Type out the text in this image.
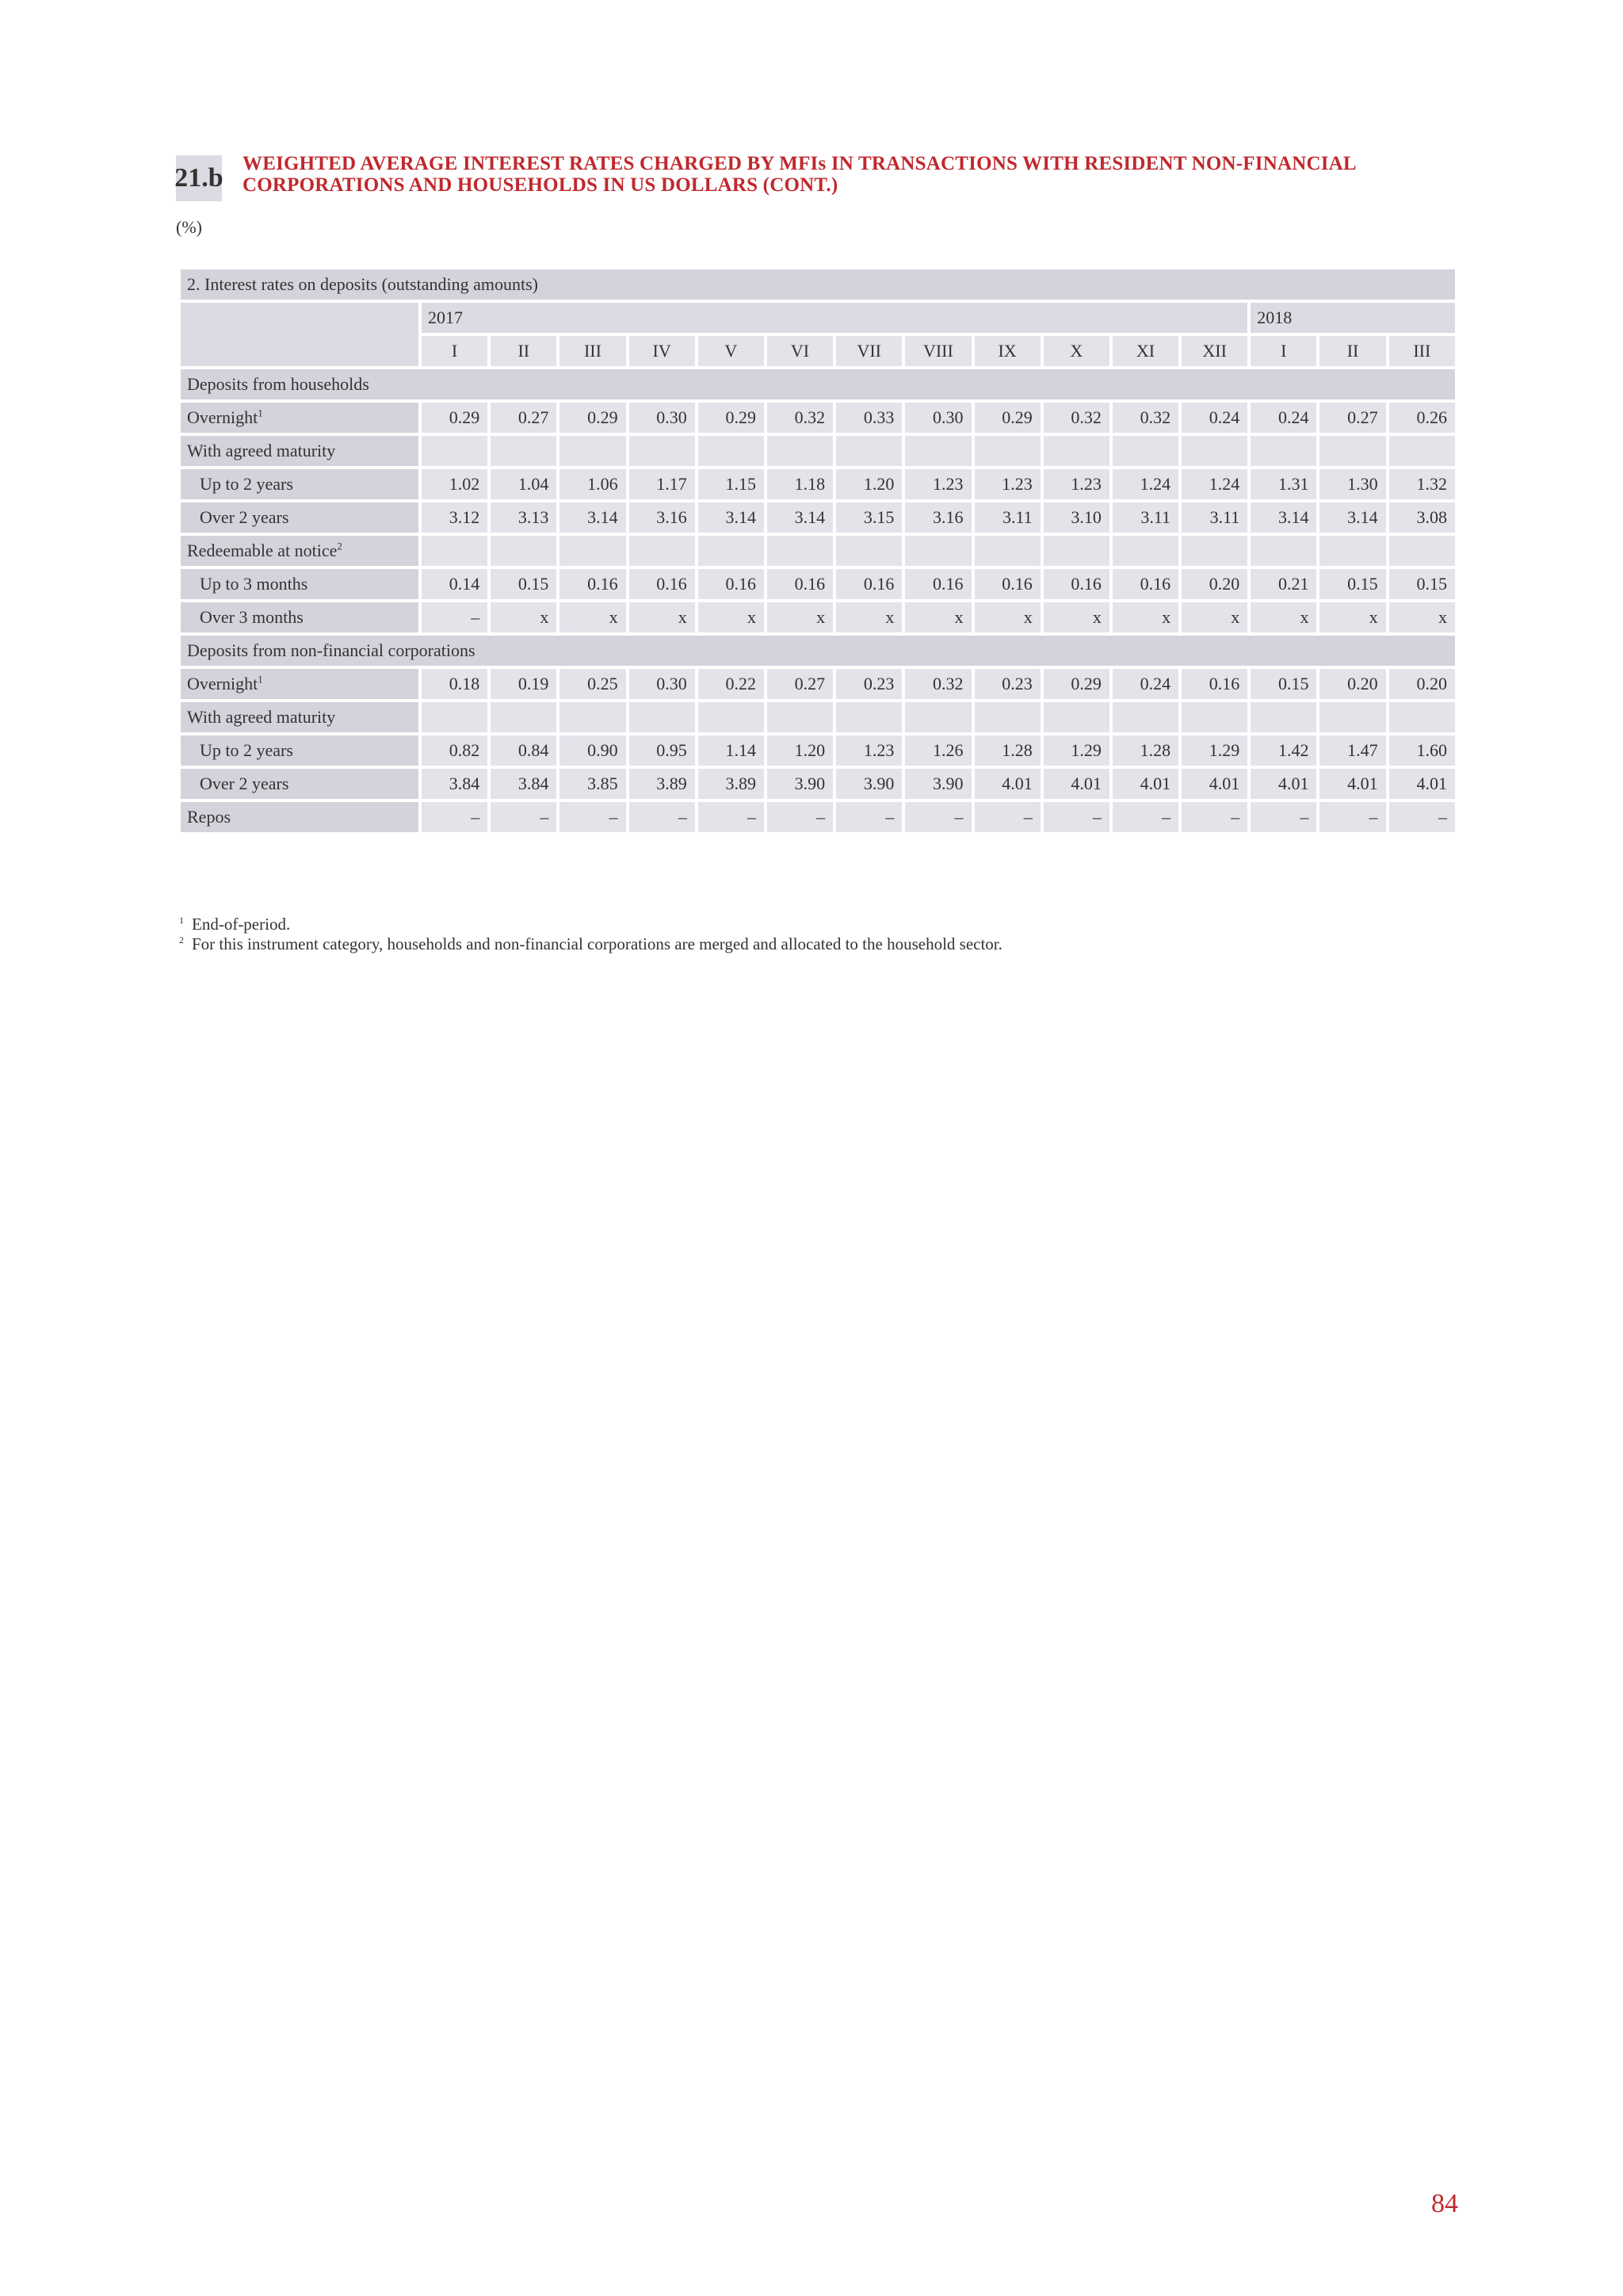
21.b WEIGHTED AVERAGE INTEREST RATES CHARGED BY MFIs IN TRANSACTIONS WITH RESIDENT NON-FINANCIAL
CORPORATIONS AND HOUSEHOLDS IN US DOLLARS (CONT.)
(%)
2. Interest rates on deposits (outstanding amounts)															
	2017												2018		
	I	II	III	IV	V	VI	VII	VIII	IX	X	XI	XII	I	II	III
Deposits from households															
Overnight$^1$	0.29	0.27	0.29	0.30	0.29	0.32	0.33	0.30	0.29	0.32	0.32	0.24	0.24	0.27	0.26
With agreed maturity															
Up to 2 years	1.02	1.04	1.06	1.17	1.15	1.18	1.20	1.23	1.23	1.23	1.24	1.24	1.31	1.30	1.32
Over 2 years	3.12	3.13	3.14	3.16	3.14	3.14	3.15	3.16	3.11	3.10	3.11	3.11	3.14	3.14	3.08
Redeemable at notice$^2$															
Up to 3 months	0.14	0.15	0.16	0.16	0.16	0.16	0.16	0.16	0.16	0.16	0.16	0.20	0.21	0.15	0.15
Over 3 months	–	x	x	x	x	x	x	x	x	x	x	x	x	x	x
Deposits from non-financial corporations															
Overnight$^1$	0.18	0.19	0.25	0.30	0.22	0.27	0.23	0.32	0.23	0.29	0.24	0.16	0.15	0.20	0.20
With agreed maturity															
Up to 2 years	0.82	0.84	0.90	0.95	1.14	1.20	1.23	1.26	1.28	1.29	1.28	1.29	1.42	1.47	1.60
Over 2 years	3.84	3.84	3.85	3.89	3.89	3.90	3.90	3.90	4.01	4.01	4.01	4.01	4.01	4.01	4.01
Repos	–	–	–	–	–	–	–	–	–	–	–	–	–	–	–
$^1$ End-of-period.
$^2$ For this instrument category, households and non-financial corporations are merged and allocated to the household sector.
84
